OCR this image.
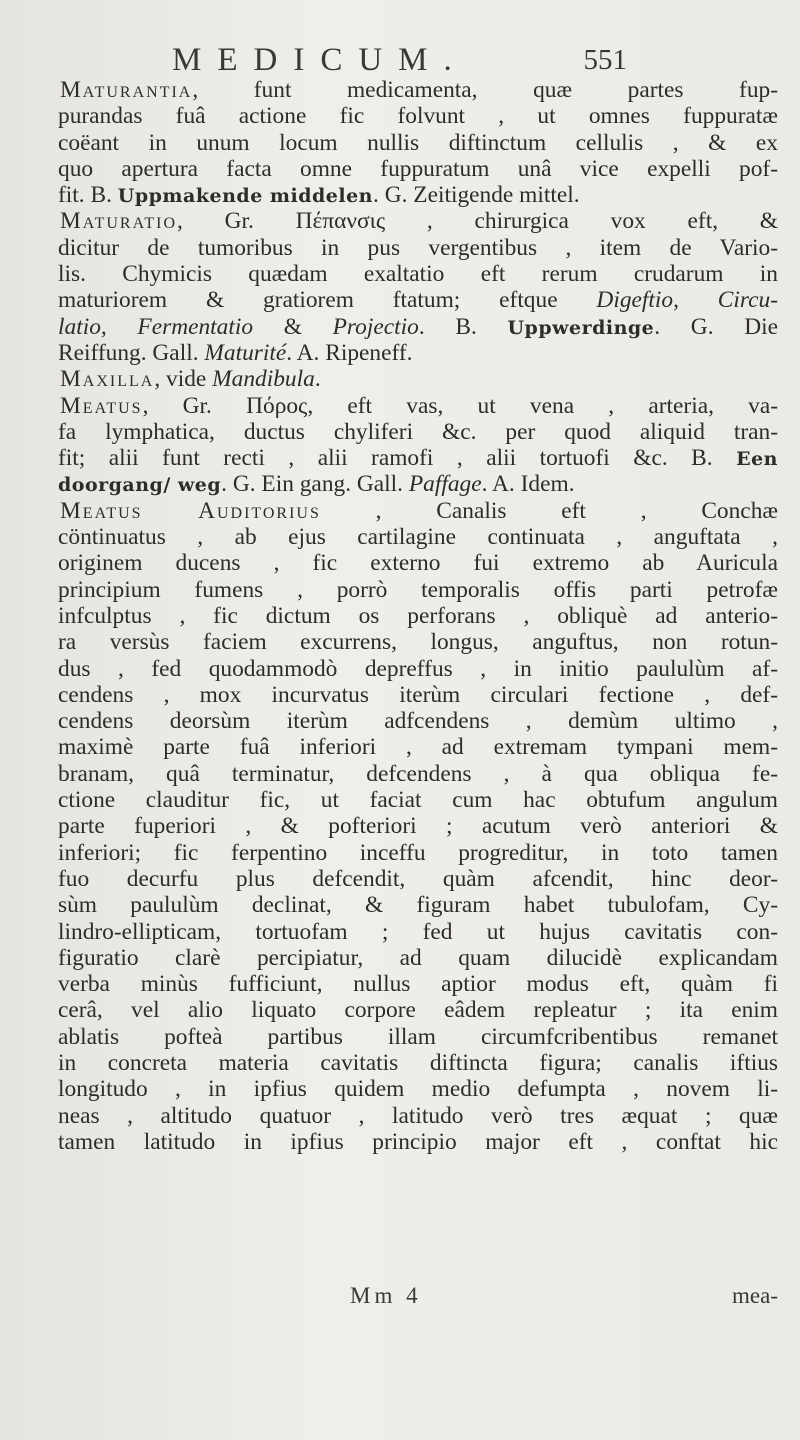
MEDICUM.	551
Maturantia, funt medicamenta, quæ partes fup-
purandas fuâ actione fic folvunt , ut omnes fuppuratæ
coëant in unum locum nullis diftinctum cellulis , & ex
quo apertura facta omne fuppuratum unâ vice expelli pof-
fit. B. Uppmakende middelen. G. Zeitigende mittel.
Maturatio, Gr. Πέπανσις , chirurgica vox eft, &
dicitur de tumoribus in pus vergentibus , item de Vario-
lis. Chymicis quædam exaltatio eft rerum crudarum in
maturiorem & gratiorem ftatum; eftque Digeftio, Circu-
latio, Fermentatio & Projectio. B. Uppwerdinge. G. Die
Reiffung. Gall. Maturité. A. Ripeneff.
Maxilla, vide Mandibula.
Meatus, Gr. Πόρος, eft vas, ut vena , arteria, va-
fa lymphatica, ductus chyliferi &c. per quod aliquid tran-
fit; alii funt recti , alii ramofi , alii tortuofi &c. B. Een
doorgang/ weg. G. Ein gang. Gall. Paffage. A. Idem.
Meatus Auditorius , Canalis eft , Conchæ
cöntinuatus , ab ejus cartilagine continuata , anguftata ,
originem ducens , fic externo fui extremo ab Auricula
principium fumens , porrò temporalis offis parti petrofæ
infculptus , fic dictum os perforans , obliquè ad anterio-
ra versùs faciem excurrens, longus, anguftus, non rotun-
dus , fed quodammodò depreffus , in initio paululùm af-
cendens , mox incurvatus iterùm circulari fectione , def-
cendens deorsùm iterùm adfcendens , demùm ultimo ,
maximè parte fuâ inferiori , ad extremam tympani mem-
branam, quâ terminatur, defcendens , à qua obliqua fe-
ctione clauditur fic, ut faciat cum hac obtufum angulum
parte fuperiori , & pofteriori ; acutum verò anteriori &
inferiori; fic ferpentino inceffu progreditur, in toto tamen
fuo decurfu plus defcendit, quàm afcendit, hinc deor-
sùm paululùm declinat, & figuram habet tubulofam, Cy-
lindro-ellipticam, tortuofam ; fed ut hujus cavitatis con-
figuratio clarè percipiatur, ad quam dilucidè explicandam
verba minùs fufficiunt, nullus aptior modus eft, quàm fi
cerâ, vel alio liquato corpore eâdem repleatur ; ita enim
ablatis pofteà partibus illam circumfcribentibus remanet
in concreta materia cavitatis diftincta figura; canalis iftius
longitudo , in ipfius quidem medio defumpta , novem li-
neas , altitudo quatuor , latitudo verò tres æquat ; quæ
tamen latitudo in ipfius principio major eft , conftat hic
Mm 4	mea-
